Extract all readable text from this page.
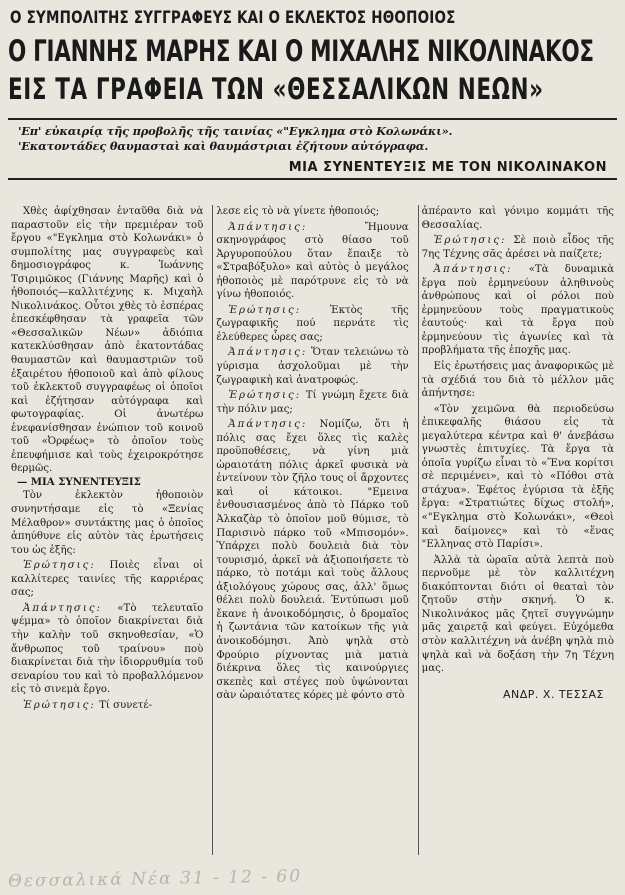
Ο ΣΥΜΠΟΛΙΤΗΣ ΣΥΓΓΡΑΦΕΥΣ ΚΑΙ Ο ΕΚΛΕΚΤΟΣ ΗΘΟΠΟΙΟΣ
Ο ΓΙΑΝΝΗΣ ΜΑΡΗΣ ΚΑΙ Ο ΜΙΧΑΛΗΣ ΝΙΚΟΛΙΝΑΚΟΣ
ΕΙΣ ΤΑ ΓΡΑΦΕΙΑ ΤΩΝ «ΘΕΣΣΑΛΙΚΩΝ ΝΕΩΝ»
'Επ' εὐκαιρίᾳ τῆς προβολῆς τῆς ταινίας «"Εγκλημα στὸ Κολωνάκι».
'Εκατοντάδες θαυμασταὶ καὶ θαυμάστριαι ἐζήτουν αὐτόγραφα.
ΜΙΑ ΣΥΝΕΝΤΕΥΞΙΣ ΜΕ ΤΟΝ ΝΙΚΟΛΙΝΑΚΟΝ

Χθὲς ἀφίχθησαν ἐνταῦθα διὰ νὰ παραστοῦν εἰς τὴν πρεμιέραν τοῦ ἔργου «"Εγκλημα στὸ Κολωνάκι» ὁ συμπολίτης μας συγγραφεὺς καὶ δημοσιογράφος κ. Ἰωάννης Τσιριμῶκος (Γιάννης Μαρῆς) καὶ ὁ ἠθοποιός—καλλιτέχνης κ. Μιχαὴλ Νικολινάκος. Οὗτοι χθὲς τὸ ἑσπέρας ἐπεσκέφθησαν τὰ γραφεῖα τῶν «Θεσσαλικῶν Νέων» ἀδιόπια κατεκλύσθησαν ἀπὸ ἑκατοντάδας θαυμαστῶν καὶ θαυμαστριῶν τοῦ ἐξαιρέτου ἠθοποιοῦ καὶ ἀπὸ φίλους τοῦ ἐκλεκτοῦ συγγραφέως οἱ ὁποῖοι καὶ ἐζήτησαν αὐτόγραφα καὶ φωτογραφίας. Οἱ ἀνωτέρω ἐνεφανίσθησαν ἐνώπιον τοῦ κοινοῦ τοῦ «Ὀρφέως» τὸ ὁποῖον τοὺς ἐπευφήμισε καὶ τοὺς ἐχειροκρότησε θερμῶς.

— ΜΙΑ ΣΥΝΕΝΤΕΥΞΙΣ

Τὸν ἐκλεκτὸν ἠθοποιὸν συνηντήσαμε εἰς τὸ «Ξενίας Μέλαθρον» συντάκτης μας ὁ ὁποῖος ἀπηύθυνε εἰς αὐτὸν τὰς ἐρωτήσεις του ὡς ἑξῆς:

Ἐρώτησις: Ποιὲς εἶναι οἱ καλλίτερες ταινίες τῆς καρριέρας σας;

Ἀπάντησις: «Τὸ τελευταῖο ψέμμα» τὸ ὁποῖον διακρίνεται διὰ τὴν καλὴν τοῦ σκηνοθεσίαν, «Ὁ ἄνθρωπος τοῦ τραίνου» ποὺ διακρίνεται διὰ τὴν ἰδιορρυθμία τοῦ σεναρίου του καὶ τὸ προβαλλόμενον εἰς τὸ σινεμὰ ἔργο.

Ἐρώτησις: Τί συνετέ-

λεσε εἰς τὸ νὰ γίνετε ἠθοποιός;

Ἀπάντησις:	Ἤμουνα σκηνογράφος στὸ θίασο τοῦ Ἀργυροπούλου ὅταν ἔπαιξε τὸ «Στραβόξυλο» καὶ αὐτὸς ὁ μεγάλος ἠθοποιὸς μὲ παρότρυνε εἰς τὸ νὰ γίνω ἠθοποιός.

Ἐρώτησις:	Ἐκτὸς τῆς ζωγραφικῆς πού περνάτε τὶς ἐλεύθερες ὧρες σας;

Ἀπάντησις: Ὅταν τελειώνω τὸ γύρισμα ἀσχολοῦμαι μὲ τὴν ζωγραφικὴ καὶ ἀνατροφώς.

Ἐρώτησις: Τί γνώμη ἔχετε διὰ τὴν πόλιν μας;

Ἀπάντησις: Νομίζω, ὅτι ἡ πόλις σας ἔχει ὅλες τὶς καλὲς προϋποθέσεις, νὰ γίνη μιὰ ὡραιοτάτη πόλις ἀρκεῖ φυσικὰ νὰ ἐντείνουν τὸν ζῆλο τους οἱ ἄρχοντες καὶ οἱ κάτοικοι. "Εμεινα ἐνθουσιασμένος ἀπὸ τὸ Πάρκο τοῦ Ἀλκαζὰρ τὸ ὁποῖον μοῦ θύμισε, τὸ Παρισινὸ πάρκο τοῦ «Μπισομόν». Ὑπάρχει πολὺ δουλειὰ διὰ τὸν τουρισμό, ἀρκεῖ νὰ ἀξιοποιήσετε τὸ πάρκο, τὸ ποτάμι καὶ τοὺς ἄλλους ἀξιολόγους χώρους σας, ἀλλ' ὅμως θέλει πολὺ δουλειά. Ἐντύπωσι μοῦ ἔκανε ἡ ἀνοικοδόμησις, ὁ δρομαῖος ἡ ζωντάνια τῶν κατοίκων τῆς γιὰ ἀνοικοδόμησι. Ἀπὸ ψηλὰ στὸ Φρούριο ρίχνοντας μιὰ ματιὰ διέκρινα ὅλες τὶς καινούργιες σκεπὲς καὶ στέγες ποὺ ὑψώνονται σὰν ὡραιότατες κόρες μὲ φόντο στὸ

ἀπέραντο καὶ γόνιμο κομμάτι τῆς Θεσσαλίας.

Ἐρώτησις: Σὲ ποιὸ εἶδος τῆς 7ης Τέχνης σᾶς ἀρέσει νὰ παίζετε;

Ἀπάντησις: «Τὰ δυναμικὰ ἔργα ποὺ ἑρμηνεύουν ἀληθινοὺς ἀνθρώπους καὶ οἱ ρόλοι ποὺ ἑρμηνεύουν τοὺς πραγματικοὺς ἑαυτούς· καὶ τὰ ἔργα ποὺ ἑρμηνεύουν τὶς ἀγωνίες καὶ τὰ προβλήματα τῆς ἐποχῆς μας.

Εἰς ἐρωτήσεις μας ἀναφορικῶς μὲ τὰ σχέδιά του διὰ τὸ μέλλον μᾶς ἀπήντησε:

«Τὸν χειμῶνα θὰ περιοδεύσω ἐπικεφαλῆς θιάσου εἰς τὰ μεγαλύτερα κέντρα καὶ θ' ἀνεβάσω γνωστὲς ἐπιτυχίες. Τὰ ἔργα τὰ ὁποῖα γυρίζω εἶναι τὸ «Ἕνα κορίτσι σὲ περιμένει», καὶ τὸ «Πόθοι στὰ στάχυα». Ἐφέτος ἐγύρισα τὰ ἑξῆς ἔργα: «Στρατιώτες δίχως στολή», «"Εγκλημα στὸ Κολωνάκι», «Θεοὶ καὶ δαίμονες» καὶ τὸ «ἕνας "Ελληνας στὸ Παρίσι».

Ἀλλὰ τὰ ὡραῖα αὐτὰ λεπτὰ ποὺ περνοῦμε μὲ τὸν καλλιτέχνη διακόπτονται διότι οἱ θεαταὶ τὸν ζητοῦν στὴν σκηνή. Ὁ κ. Νικολινάκος μᾶς ζητεῖ συγγνώμην μᾶς χαιρετᾷ καὶ φεύγει. Εὐχόμεθα στὸν καλλιτέχνη νὰ ἀνέβη ψηλὰ πιὸ ψηλὰ καὶ νὰ δοξάση τὴν 7η Τέχνη μας.

ΑΝΔΡ. Χ. ΤΕΣΣΑΣ
Θεσσαλικά Νέα 31 - 12 - 60
